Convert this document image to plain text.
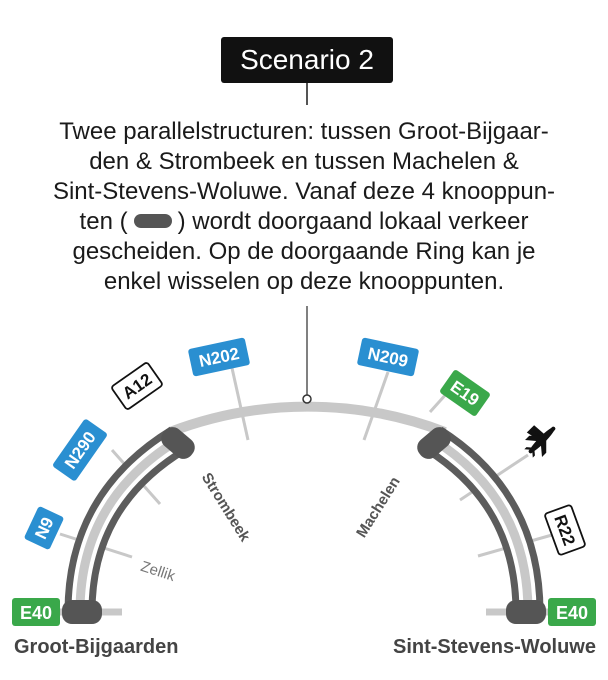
N202	N209
A12	E19
N290
R22
N9
E40	E40
Zellik
Strombeek	Machelen
Scenario 2

Twee parallelstructuren: tussen Groot-Bijgaar-
den & Strombeek en tussen Machelen &
Sint-Stevens-Woluwe. Vanaf deze 4 knooppun-
ten ( ) wordt doorgaand lokaal verkeer
gescheiden. Op de doorgaande Ring kan je
enkel wisselen op deze knooppunten.

Groot-Bijgaarden	Sint-Stevens-Woluwe
